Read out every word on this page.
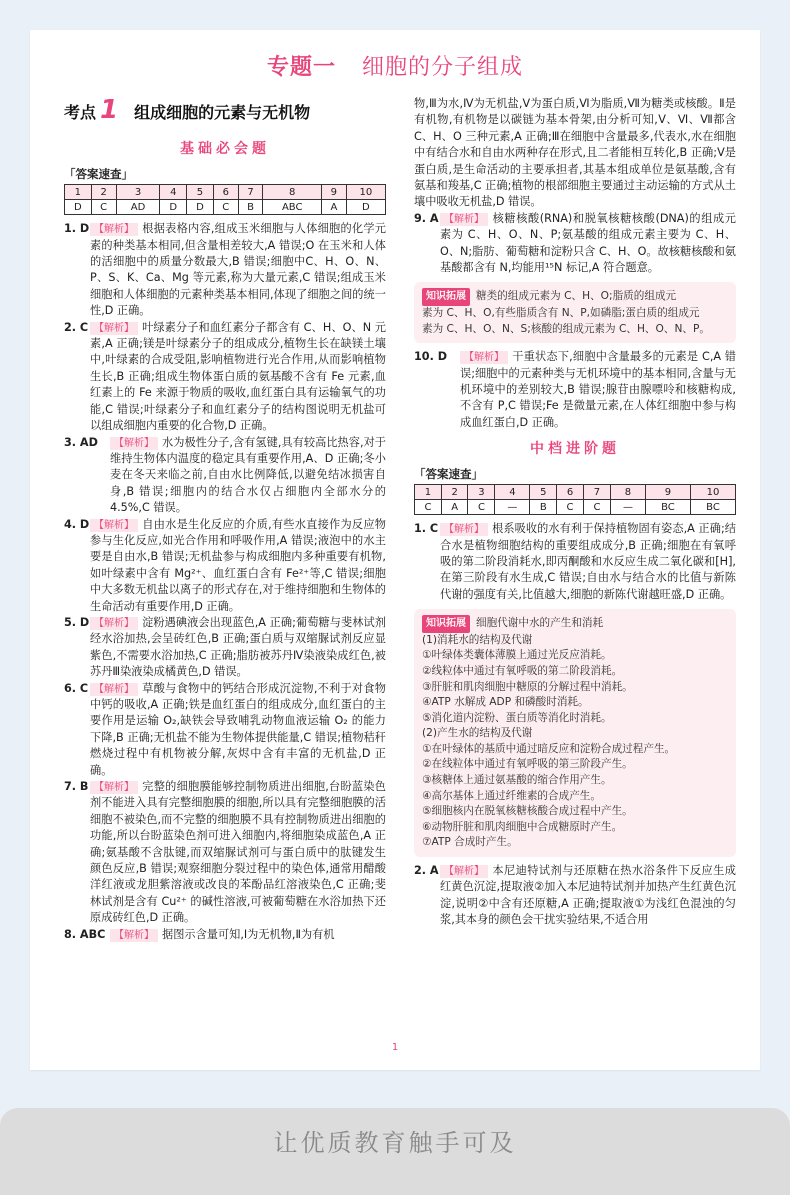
专题一 细胞的分子组成
考点 1 组成细胞的元素与无机物
基础必会题
「答案速查」
1	2	3	4	5	6	7	8	9	10
D	C	AD	D	D	C	B	ABC	A	D
1. D 【解析】 根据表格内容,组成玉米细胞与人体细胞的化学元素的种类基本相同,但含量相差较大,A 错误;O 在玉米和人体的活细胞中的质量分数最大,B 错误;细胞中C、H、O、N、P、S、K、Ca、Mg 等元素,称为大量元素,C 错误;组成玉米细胞和人体细胞的元素种类基本相同,体现了细胞之间的统一性,D 正确。
2. C 【解析】 叶绿素分子和血红素分子都含有 C、H、O、N 元素,A 正确;镁是叶绿素分子的组成成分,植物生长在缺镁土壤中,叶绿素的合成受阻,影响植物进行光合作用,从而影响植物生长,B 正确;组成生物体蛋白质的氨基酸不含有 Fe 元素,血红素上的 Fe 来源于物质的吸收,血红蛋白具有运输氧气的功能,C 错误;叶绿素分子和血红素分子的结构图说明无机盐可以组成细胞内重要的化合物,D 正确。
3. AD	【解析】 水为极性分子,含有氢键,具有较高比热容,对于维持生物体内温度的稳定具有重要作用,A、D 正确;冬小麦在冬天来临之前,自由水比例降低,以避免结冰损害自身,B 错误;细胞内的结合水仅占细胞内全部水分的 4.5%,C 错误。
4. D 【解析】 自由水是生化反应的介质,有些水直接作为反应物参与生化反应,如光合作用和呼吸作用,A 错误;液泡中的水主要是自由水,B 错误;无机盐参与构成细胞内多种重要有机物,如叶绿素中含有 Mg²⁺、血红蛋白含有 Fe²⁺等,C 错误;细胞中大多数无机盐以离子的形式存在,对于维持细胞和生物体的生命活动有重要作用,D 正确。
5. D 【解析】 淀粉遇碘液会出现蓝色,A 正确;葡萄糖与斐林试剂经水浴加热,会呈砖红色,B 正确;蛋白质与双缩脲试剂反应显紫色,不需要水浴加热,C 正确;脂肪被苏丹Ⅳ染液染成红色,被苏丹Ⅲ染液染成橘黄色,D 错误。
6. C 【解析】 草酸与食物中的钙结合形成沉淀物,不利于对食物中钙的吸收,A 正确;铁是血红蛋白的组成成分,血红蛋白的主要作用是运输 O₂,缺铁会导致哺乳动物血液运输 O₂ 的能力下降,B 正确;无机盐不能为生物体提供能量,C 错误;植物秸秆燃烧过程中有机物被分解,灰烬中含有丰富的无机盐,D 正确。
7. B 【解析】 完整的细胞膜能够控制物质进出细胞,台盼蓝染色剂不能进入具有完整细胞膜的细胞,所以具有完整细胞膜的活细胞不被染色,而不完整的细胞膜不具有控制物质进出细胞的功能,所以台盼蓝染色剂可进入细胞内,将细胞染成蓝色,A 正确;氨基酸不含肽键,而双缩脲试剂可与蛋白质中的肽键发生颜色反应,B 错误;观察细胞分裂过程中的染色体,通常用醋酸洋红液或龙胆紫溶液或改良的苯酚品红溶液染色,C 正确;斐林试剂是含有 Cu²⁺ 的碱性溶液,可被葡萄糖在水浴加热下还原成砖红色,D 正确。
8. ABC 【解析】 据图示含量可知,Ⅰ为无机物,Ⅱ为有机
物,Ⅲ为水,Ⅳ为无机盐,Ⅴ为蛋白质,Ⅵ为脂质,Ⅶ为糖类或核酸。Ⅱ是有机物,有机物是以碳链为基本骨架,由分析可知,Ⅴ、Ⅵ、Ⅶ都含 C、H、O 三种元素,A 正确;Ⅲ在细胞中含量最多,代表水,水在细胞中有结合水和自由水两种存在形式,且二者能相互转化,B 正确;Ⅴ是蛋白质,是生命活动的主要承担者,其基本组成单位是氨基酸,含有氨基和羧基,C 正确;植物的根部细胞主要通过主动运输的方式从土壤中吸收无机盐,D 错误。
9. A 【解析】 核糖核酸(RNA)和脱氧核糖核酸(DNA)的组成元素为 C、H、O、N、P;氨基酸的组成元素主要为 C、H、O、N;脂肪、葡萄糖和淀粉只含 C、H、O。故核糖核酸和氨基酸都含有 N,均能用¹⁵N 标记,A 符合题意。
知识拓展 糖类的组成元素为 C、H、O;脂质的组成元
素为 C、H、O,有些脂质含有 N、P,如磷脂;蛋白质的组成元
素为 C、H、O、N、S;核酸的组成元素为 C、H、O、N、P。
10. D	【解析】 干重状态下,细胞中含量最多的元素是 C,A 错误;细胞中的元素种类与无机环境中的基本相同,含量与无机环境中的差别较大,B 错误;腺苷由腺嘌呤和核糖构成,不含有 P,C 错误;Fe 是微量元素,在人体红细胞中参与构成血红蛋白,D 正确。
中档进阶题
「答案速查」
1	2	3	4	5	6	7	8	9	10
C	A	C	—	B	C	C	—	BC	BC
1. C 【解析】 根系吸收的水有利于保持植物固有姿态,A 正确;结合水是植物细胞结构的重要组成成分,B 正确;细胞在有氧呼吸的第二阶段消耗水,即丙酮酸和水反应生成二氧化碳和[H],在第三阶段有水生成,C 错误;自由水与结合水的比值与新陈代谢的强度有关,比值越大,细胞的新陈代谢越旺盛,D 正确。
知识拓展 细胞代谢中水的产生和消耗
(1)消耗水的结构及代谢
①叶绿体类囊体薄膜上通过光反应消耗。
②线粒体中通过有氧呼吸的第二阶段消耗。
③肝脏和肌肉细胞中糖原的分解过程中消耗。
④ATP 水解成 ADP 和磷酸时消耗。
⑤消化道内淀粉、蛋白质等消化时消耗。
(2)产生水的结构及代谢
①在叶绿体的基质中通过暗反应和淀粉合成过程产生。
②在线粒体中通过有氧呼吸的第三阶段产生。
③核糖体上通过氨基酸的缩合作用产生。
④高尔基体上通过纤维素的合成产生。
⑤细胞核内在脱氧核糖核酸合成过程中产生。
⑥动物肝脏和肌肉细胞中合成糖原时产生。
⑦ATP 合成时产生。
2. A 【解析】 本尼迪特试剂与还原糖在热水浴条件下反应生成红黄色沉淀,提取液②加入本尼迪特试剂并加热产生红黄色沉淀,说明②中含有还原糖,A 正确;提取液①为浅红色混浊的匀浆,其本身的颜色会干扰实验结果,不适合用
1
让优质教育触手可及
